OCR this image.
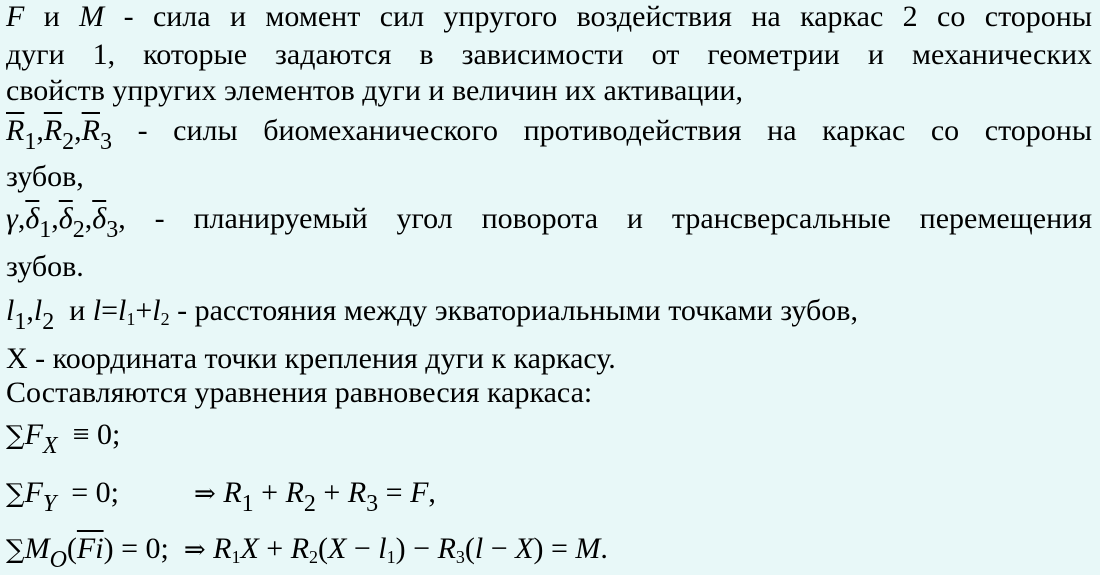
$\overline{F}$ и $\overline{M}$ - сила и момент сил упругого воздействия на каркас 2 со стороны
дуги 1, которые задаются в зависимости от геометрии и механических
свойств упругих элементов дуги и величин их активации,
$\overline{R}_1,\overline{R}_2,\overline{R}_3$ - силы биомеханического противодействия на каркас со стороны
зубов,
$\gamma,\overline{\delta}_1,\overline{\delta}_2,\overline{\delta}_3$, - планируемый угол поворота и трансверсальные перемещения
зубов.
$l_1,l_2$ и l=l1+l2 - расстояния между экваториальными точками зубов,
X - координата точки крепления дуги к каркасу.
Составляются уравнения равновесия каркаса:
$\sum F_X \equiv 0$;
$\sum F_Y = 0$;	⇒ $R_1 + R_2 + R_3 = F$,
$\sum M_O(\overline{Fi}) = 0$; ⇒ R1X + R2(X − l1) − R3(l − X) = M.
